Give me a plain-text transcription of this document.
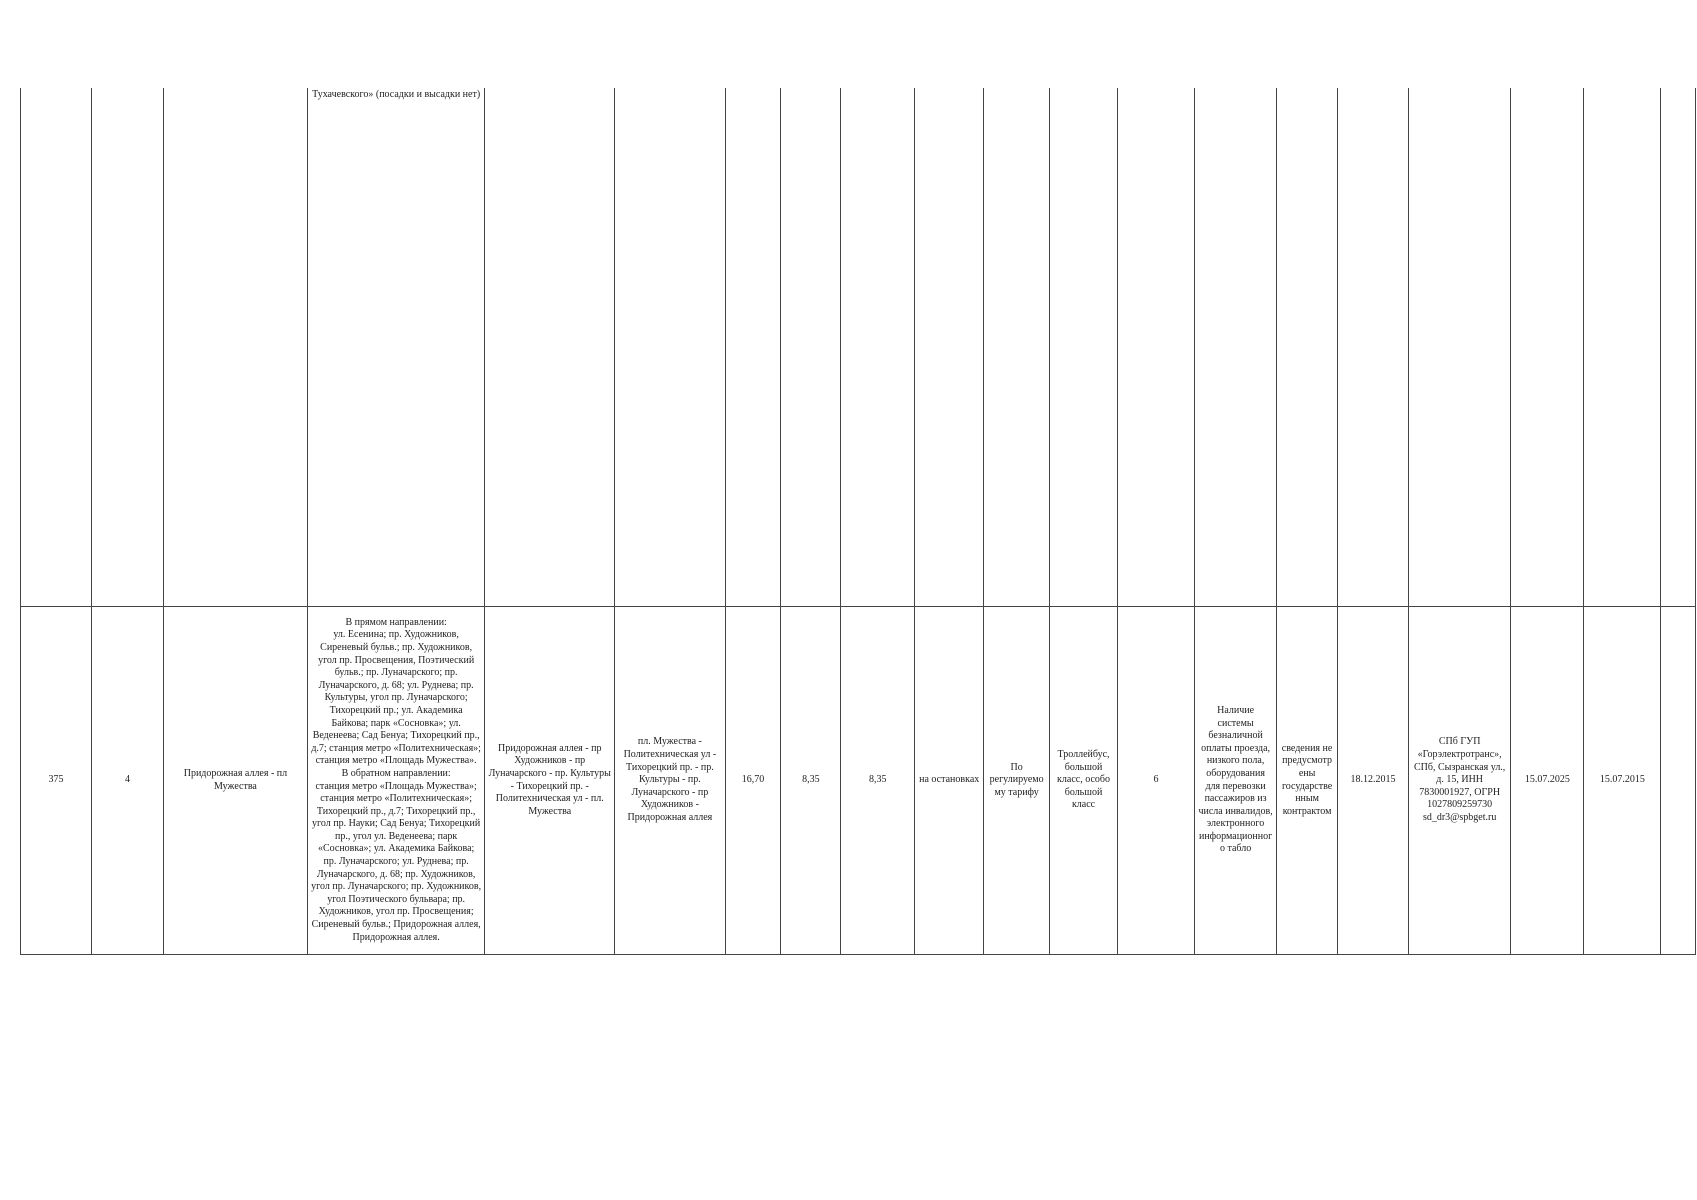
			Тухачевского» (посадки и высадки нет)																
375	4	Придорожная аллея - пл Мужества	В прямом направлении:
ул. Есенина; пр. Художников, Сиреневый бульв.; пр. Художников, угол пр. Просвещения, Поэтический бульв.; пр. Луначарского; пр. Луначарского, д. 68; ул. Руднева; пр. Культуры, угол пр. Луначарского; Тихорецкий пр.; ул. Академика Байкова; парк «Сосновка»; ул. Веденеева; Сад Бенуа; Тихорецкий пр., д.7; станция метро «Политехническая»; станция метро «Площадь Мужества».
В обратном направлении:
станция метро «Площадь Мужества»; станция метро «Политехническая»; Тихорецкий пр., д.7; Тихорецкий пр., угол пр. Науки; Сад Бенуа; Тихорецкий пр., угол ул. Веденеева; парк «Сосновка»; ул. Академика Байкова; пр. Луначарского; ул. Руднева; пр. Луначарского, д. 68; пр. Художников, угол пр. Луначарского; пр. Художников, угол Поэтического бульвара; пр. Художников, угол пр. Просвещения; Сиреневый бульв.; Придорожная аллея, Придорожная аллея.	Придорожная аллея - пр Художников - пр Луначарского - пр. Культуры - Тихорецкий пр. - Политехническая ул - пл. Мужества	пл. Мужества - Политехническая ул - Тихорецкий пр. - пр. Культуры - пр. Луначарского - пр Художников - Придорожная аллея	16,70	8,35	8,35	на остановках	По регулируемому тарифу	Троллейбус, большой класс, особо большой класс	6	Наличие системы безналичной оплаты проезда, низкого пола, оборудования для перевозки пассажиров из числа инвалидов, электронного информационного табло	сведения не предусмотрены государственным контрактом	18.12.2015	СПб ГУП «Горэлектротранс», СПб, Сызранская ул., д. 15, ИНН 7830001927, ОГРН 1027809259730 sd_dr3@spbget.ru	15.07.2025	15.07.2015	
